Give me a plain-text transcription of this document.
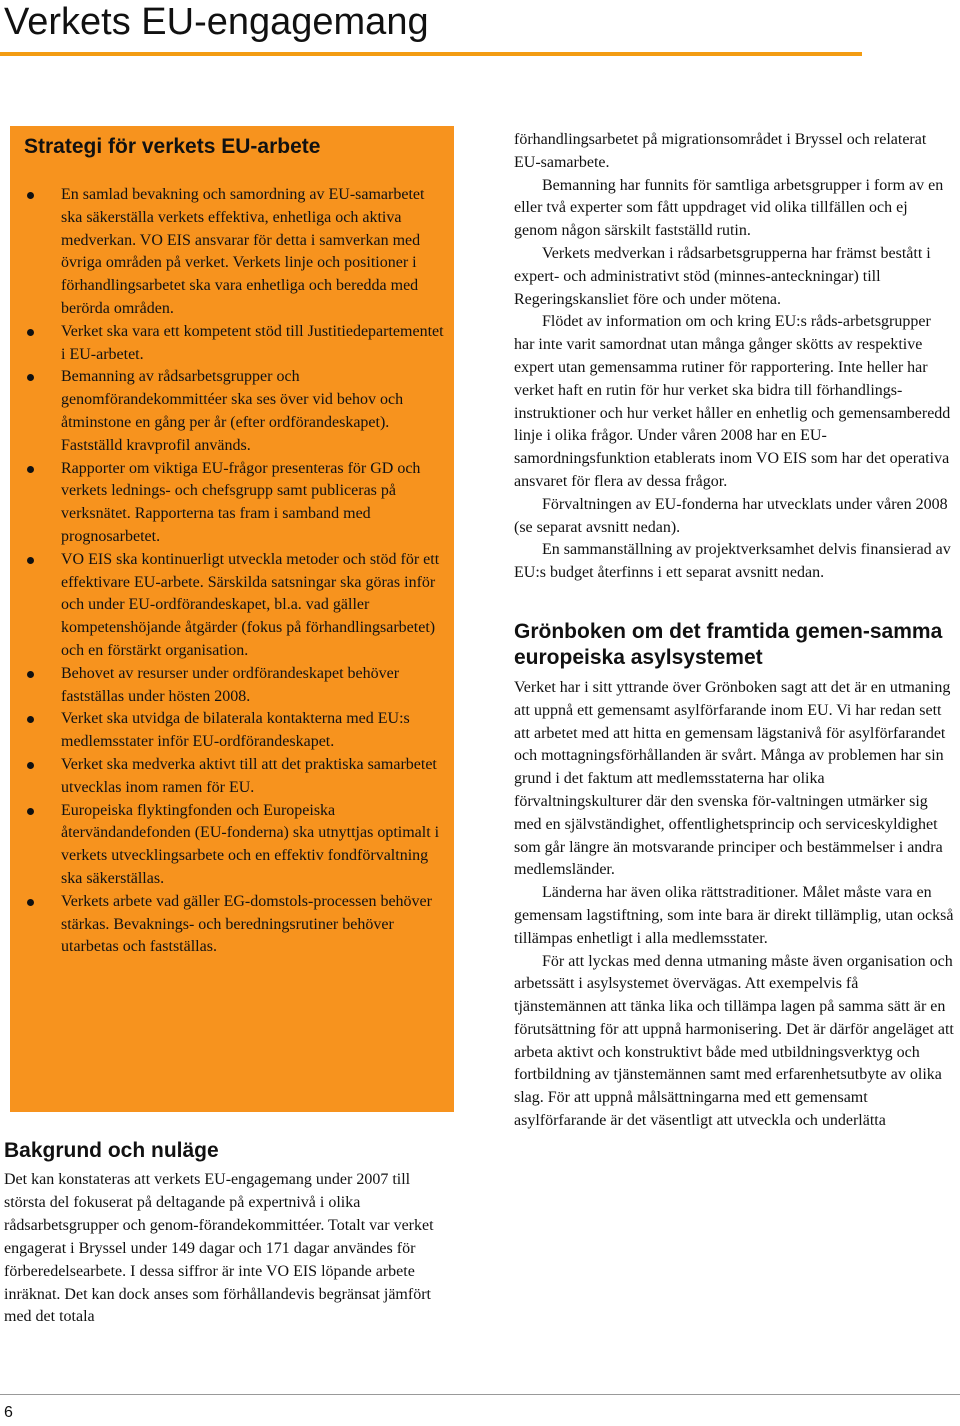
Verkets EU-engagemang
Strategi för verkets EU-arbete
En samlad bevakning och samordning av EU-samarbetet ska säkerställa verkets effektiva, enhetliga och aktiva medverkan. VO EIS ansvarar för detta i samverkan med övriga områden på verket. Verkets linje och positioner i förhandlingsarbetet ska vara enhetliga och beredda med berörda områden.
Verket ska vara ett kompetent stöd till Justitiedepartementet i EU-arbetet.
Bemanning av rådsarbetsgrupper och genomförandekommittéer ska ses över vid behov och åtminstone en gång per år (efter ordförandeskapet). Fastställd kravprofil används.
Rapporter om viktiga EU-frågor presenteras för GD och verkets lednings- och chefsgrupp samt publiceras på verksnätet. Rapporterna tas fram i samband med prognosarbetet.
VO EIS ska kontinuerligt utveckla metoder och stöd för ett effektivare EU-arbete. Särskilda satsningar ska göras inför och under EU-ordförandeskapet, bl.a. vad gäller kompetenshöjande åtgärder (fokus på förhandlingsarbetet) och en förstärkt organisation.
Behovet av resurser under ordförandeskapet behöver fastställas under hösten 2008.
Verket ska utvidga de bilaterala kontakterna med EU:s medlemsstater inför EU-ordförandeskapet.
Verket ska medverka aktivt till att det praktiska samarbetet utvecklas inom ramen för EU.
Europeiska flyktingfonden och Europeiska återvändandefonden (EU-fonderna) ska utnyttjas optimalt i verkets utvecklingsarbete och en effektiv fondförvaltning ska säkerställas.
Verkets arbete vad gäller EG-domstols-processen behöver stärkas. Bevaknings- och beredningsrutiner behöver utarbetas och fastställas.
Bakgrund och nuläge

Det kan konstateras att verkets EU-engagemang under 2007 till största del fokuserat på deltagande på expertnivå i olika rådsarbetsgrupper och genom-förandekommittéer. Totalt var verket engagerat i Bryssel under 149 dagar och 171 dagar användes för förberedelsearbete. I dessa siffror är inte VO EIS löpande arbete inräknat. Det kan dock anses som förhållandevis begränsat jämfört med det totala

förhandlingsarbetet på migrationsområdet i Bryssel och relaterat EU-samarbete.

Bemanning har funnits för samtliga arbetsgrupper i form av en eller två experter som fått uppdraget vid olika tillfällen och ej genom någon särskilt fastställd rutin.

Verkets medverkan i rådsarbetsgrupperna har främst bestått i expert- och administrativt stöd (minnes-anteckningar) till Regeringskansliet före och under mötena.

Flödet av information om och kring EU:s råds-arbetsgrupper har inte varit samordnat utan många gånger skötts av respektive expert utan gemensamma rutiner för rapportering. Inte heller har verket haft en rutin för hur verket ska bidra till förhandlings-instruktioner och hur verket håller en enhetlig och gemensamberedd linje i olika frågor. Under våren 2008 har en EU-samordningsfunktion etablerats inom VO EIS som har det operativa ansvaret för flera av dessa frågor.

Förvaltningen av EU-fonderna har utvecklats under våren 2008 (se separat avsnitt nedan).

En sammanställning av projektverksamhet delvis finansierad av EU:s budget återfinns i ett separat avsnitt nedan.

Grönboken om det framtida gemen-samma europeiska asylsystemet

Verket har i sitt yttrande över Grönboken sagt att det är en utmaning att uppnå ett gemensamt asylförfarande inom EU. Vi har redan sett att arbetet med att hitta en gemensam lägstanivå för asylförfarandet och mottagningsförhållanden är svårt. Många av problemen har sin grund i det faktum att medlemsstaterna har olika förvaltningskulturer där den svenska för-valtningen utmärker sig med en självständighet, offentlighetsprincip och serviceskyldighet som går längre än motsvarande principer och bestämmelser i andra medlemsländer.

Länderna har även olika rättstraditioner. Målet måste vara en gemensam lagstiftning, som inte bara är direkt tillämplig, utan också tillämpas enhetligt i alla medlemsstater.

För att lyckas med denna utmaning måste även organisation och arbetssätt i asylsystemet övervägas. Att exempelvis få tjänstemännen att tänka lika och tillämpa lagen på samma sätt är en förutsättning för att uppnå harmonisering. Det är därför angeläget att arbeta aktivt och konstruktivt både med utbildningsverktyg och fortbildning av tjänstemännen samt med erfarenhetsutbyte av olika slag. För att uppnå målsättningarna med ett gemensamt asylförfarande är det väsentligt att utveckla och underlätta

6
